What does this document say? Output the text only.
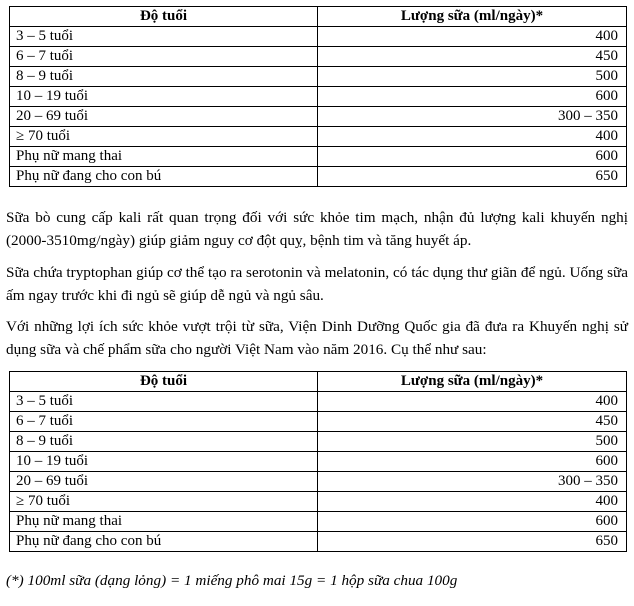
Độ tuổi	Lượng sữa (ml/ngày)*
3 – 5 tuổi	400
6 – 7 tuổi	450
8 – 9 tuổi	500
10 – 19 tuổi	600
20 – 69 tuổi	300 – 350
≥ 70 tuổi	400
Phụ nữ mang thai	600
Phụ nữ đang cho con bú	650

Sữa bò cung cấp kali rất quan trọng đối với sức khỏe tim mạch, nhận đủ lượng kali khuyến nghị (2000-3510mg/ngày) giúp giảm nguy cơ đột quỵ, bệnh tim và tăng huyết áp.

Sữa chứa tryptophan giúp cơ thể tạo ra serotonin và melatonin, có tác dụng thư giãn để ngủ. Uống sữa ấm ngay trước khi đi ngủ sẽ giúp dễ ngủ và ngủ sâu.

Với những lợi ích sức khỏe vượt trội từ sữa, Viện Dinh Dưỡng Quốc gia đã đưa ra Khuyến nghị sử dụng sữa và chế phẩm sữa cho người Việt Nam vào năm 2016. Cụ thể như sau:

Độ tuổi	Lượng sữa (ml/ngày)*
3 – 5 tuổi	400
6 – 7 tuổi	450
8 – 9 tuổi	500
10 – 19 tuổi	600
20 – 69 tuổi	300 – 350
≥ 70 tuổi	400
Phụ nữ mang thai	600
Phụ nữ đang cho con bú	650

(*) 100ml sữa (dạng lỏng) = 1 miếng phô mai 15g = 1 hộp sữa chua 100g
